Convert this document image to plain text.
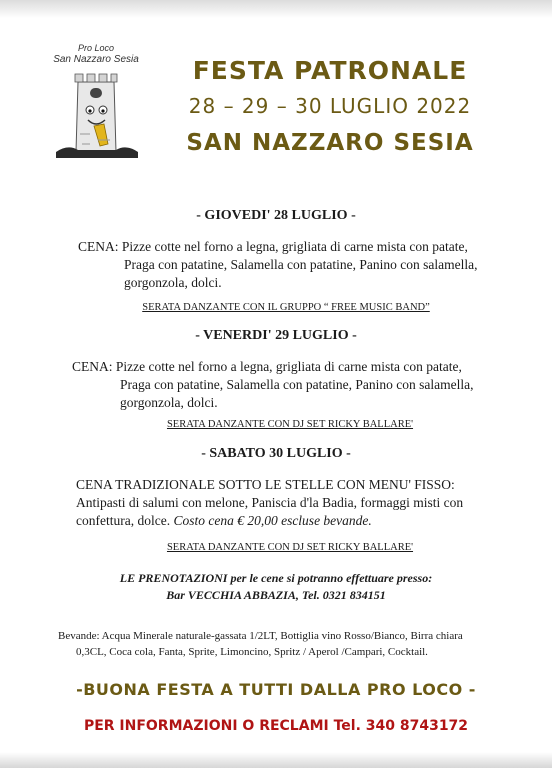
Pro Loco
San Nazzaro Sesia	FESTA PATRONALE
28 – 29 – 30 LUGLIO 2022
SAN NAZZARO SESIA
- GIOVEDI' 28 LUGLIO -
CENA: Pizze cotte nel forno a legna, grigliata di carne mista con patate,
Praga con patatine, Salamella con patatine, Panino con salamella,
gorgonzola, dolci.
SERATA DANZANTE CON IL GRUPPO “ FREE MUSIC BAND”
- VENERDI' 29 LUGLIO -
CENA: Pizze cotte nel forno a legna, grigliata di carne mista con patate,
Praga con patatine, Salamella con patatine, Panino con salamella,
gorgonzola, dolci.
SERATA DANZANTE CON DJ SET RICKY BALLARE'
- SABATO 30 LUGLIO -
CENA TRADIZIONALE SOTTO LE STELLE CON MENU' FISSO:
Antipasti di salumi con melone, Paniscia d'la Badia, formaggi misti con
confettura, dolce. Costo cena € 20,00 escluse bevande.
SERATA DANZANTE CON DJ SET RICKY BALLARE'
LE PRENOTAZIONI per le cene si potranno effettuare presso:
Bar VECCHIA ABBAZIA, Tel. 0321 834151
Bevande: Acqua Minerale naturale-gassata 1/2LT, Bottiglia vino Rosso/Bianco, Birra chiara
0,3CL, Coca cola, Fanta, Sprite, Limoncino, Spritz / Aperol /Campari, Cocktail.
-BUONA FESTA A TUTTI DALLA PRO LOCO -
PER INFORMAZIONI O RECLAMI Tel. 340 8743172
